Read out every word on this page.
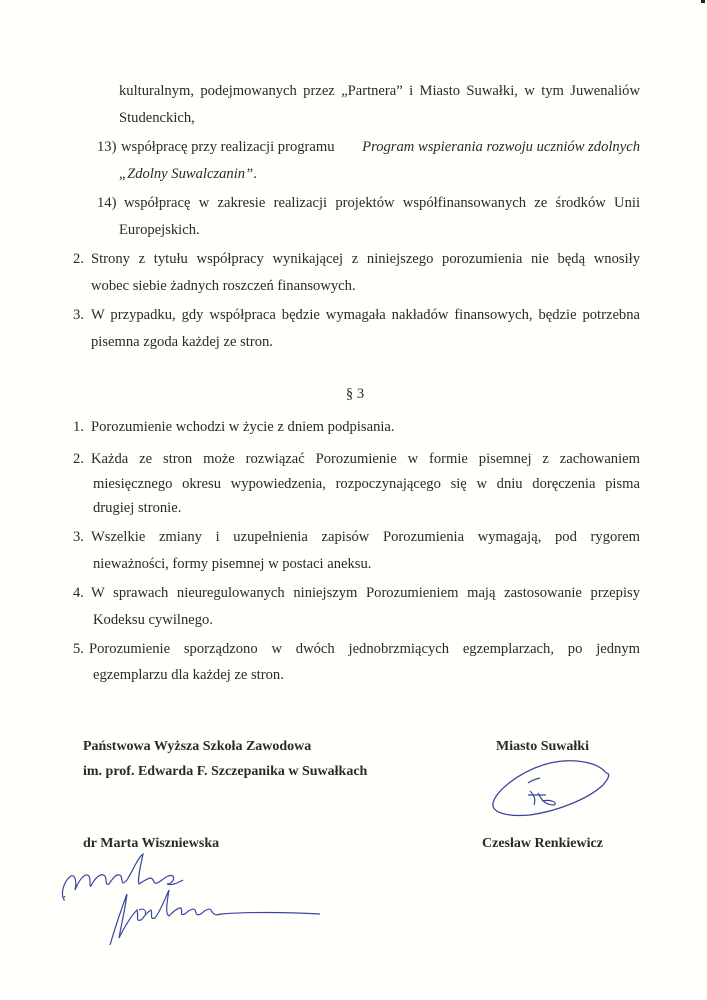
kulturalnym, podejmowanych przez „Partnera” i Miasto Suwałki, w tym Juwenaliów
Studenckich,
13) współpracę przy realizacji programu Program wspierania rozwoju uczniów zdolnych
„Zdolny Suwalczanin”.
14) współpracę w zakresie realizacji projektów współfinansowanych ze środków Unii
Europejskich.
2. Strony z tytułu współpracy wynikającej z niniejszego porozumienia nie będą wnosiły
wobec siebie żadnych roszczeń finansowych.
3. W przypadku, gdy współpraca będzie wymagała nakładów finansowych, będzie potrzebna
pisemna zgoda każdej ze stron.
§ 3
1. Porozumienie wchodzi w życie z dniem podpisania.
2. Każda ze stron może rozwiązać Porozumienie w formie pisemnej z zachowaniem
miesięcznego okresu wypowiedzenia, rozpoczynającego się w dniu doręczenia pisma
drugiej stronie.
3. Wszelkie zmiany i uzupełnienia zapisów Porozumienia wymagają, pod rygorem
nieważności, formy pisemnej w postaci aneksu.
4. W sprawach nieuregulowanych niniejszym Porozumieniem mają zastosowanie przepisy
Kodeksu cywilnego.
5. Porozumienie sporządzono w dwóch jednobrzmiących egzemplarzach, po jednym
egzemplarzu dla każdej ze stron.
Państwowa Wyższa Szkoła Zawodowa
im. prof. Edwarda F. Szczepanika w Suwałkach
dr Marta Wiszniewska
Miasto Suwałki
Czesław Renkiewicz
